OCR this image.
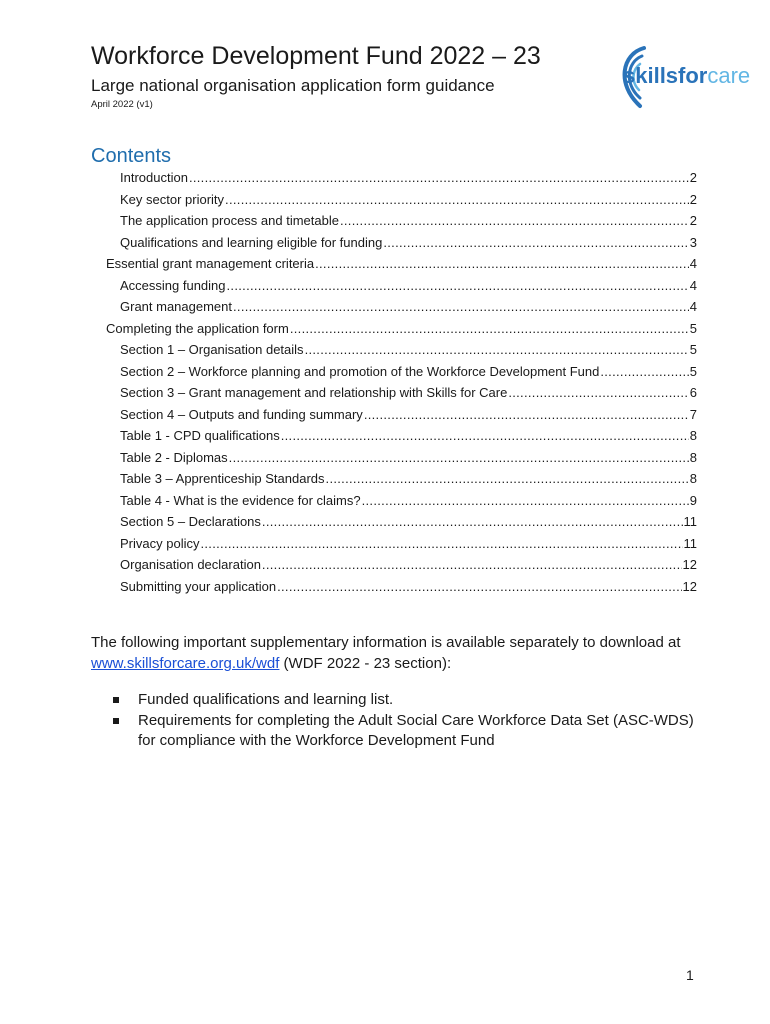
Workforce Development Fund 2022 – 23
Large national organisation application form guidance
April 2022 (v1)
skillsforcare
Contents
Introduction .....	2
Key sector priority .....	2
The application process and timetable .....	2
Qualifications and learning eligible for funding .....	3
Essential grant management criteria .....	4
Accessing funding .....	4
Grant management .....	4
Completing the application form .....	5
Section 1 – Organisation details .....	5
Section 2 – Workforce planning and promotion of the Workforce Development Fund .....	5
Section 3 – Grant management and relationship with Skills for Care .....	6
Section 4 – Outputs and funding summary .....	7
Table 1 - CPD qualifications .....	8
Table 2 - Diplomas .....	8
Table 3 – Apprenticeship Standards .....	8
Table 4 - What is the evidence for claims? .....	9
Section 5 – Declarations .....	11
Privacy policy .....	11
Organisation declaration .....	12
Submitting your application .....	12
The following important supplementary information is available separately to download at www.skillsforcare.org.uk/wdf (WDF 2022 - 23 section):
Funded qualifications and learning list.
Requirements for completing the Adult Social Care Workforce Data Set (ASC-WDS) for compliance with the Workforce Development Fund
1
